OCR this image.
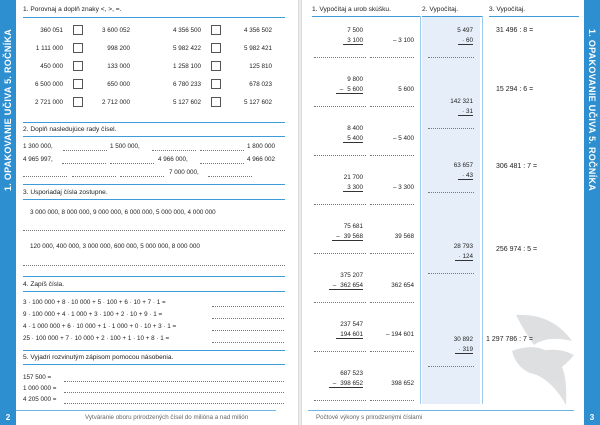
1. OPAKOVANIE UČIVA 5. ROČNÍKA
2	Vytváranie oboru prirodzených čísel do milióna a nad milión
1. Porovnaj a doplň znaky <, >, =.
2. Doplň nasledujúce rady čísel.
1 300 000,	1 500 000,	1 800 000
4 965 997,	4 966 000,	4 966 002
7 000 000,
3. Usporiadaj čísla zostupne.
3 000 000, 8 000 000, 9 000 000, 6 000 000, 5 000 000, 4 000 000
120 000, 400 000, 3 000 000, 600 000, 5 000 000, 8 000 000
4. Zapíš čísla.
5. Vyjadri rozvinutým zápisom pomocou násobenia.
360 051	3 600 052	4 356 500	4 356 502
1 111 000	998 200	5 982 422	5 982 421
450 000	133 000	1 258 100	125 810
6 500 000	650 000	6 780 233	678 023
2 721 000	2 712 000	5 127 602	5 127 602
3 · 100 000 + 8 · 10 000 + 5 · 100 + 6 · 10 + 7 · 1 =
9 · 100 000 + 4 · 1 000 + 3 · 100 + 2 · 10 + 9 · 1 =
4 · 1 000 000 + 6 · 10 000 + 1 · 1 000 + 0 · 10 + 3 · 1 =
25 · 100 000 + 7 · 10 000 + 2 · 100 + 1 · 10 + 8 · 1 =
157 500 =
1 000 000 =
4 205 000 =
1. OPAKOVANIE UČIVA 5. ROČNÍKA
3
Počtové výkony s prirodzenými číslami
1. Vypočítaj a urob skúšku.	2. Vypočítaj.	3. Vypočítaj.
7 500
3 100	– 3 100
9 800
– 5 600	5 600
8 400
5 400	– 5 400
21 700
3 300	– 3 300
75 681
– 39 568	39 568
375 207
– 362 654	362 654
237 547
194 601	– 194 601
687 523
– 398 652	398 652
5 497
· 60
142 321
· 31
63 657
· 43
28 793
· 124
30 892
· 319
31 496 : 8 =
15 294 : 6 =
306 481 : 7 =
256 974 : 5 =
1 297 786 : 7 =
